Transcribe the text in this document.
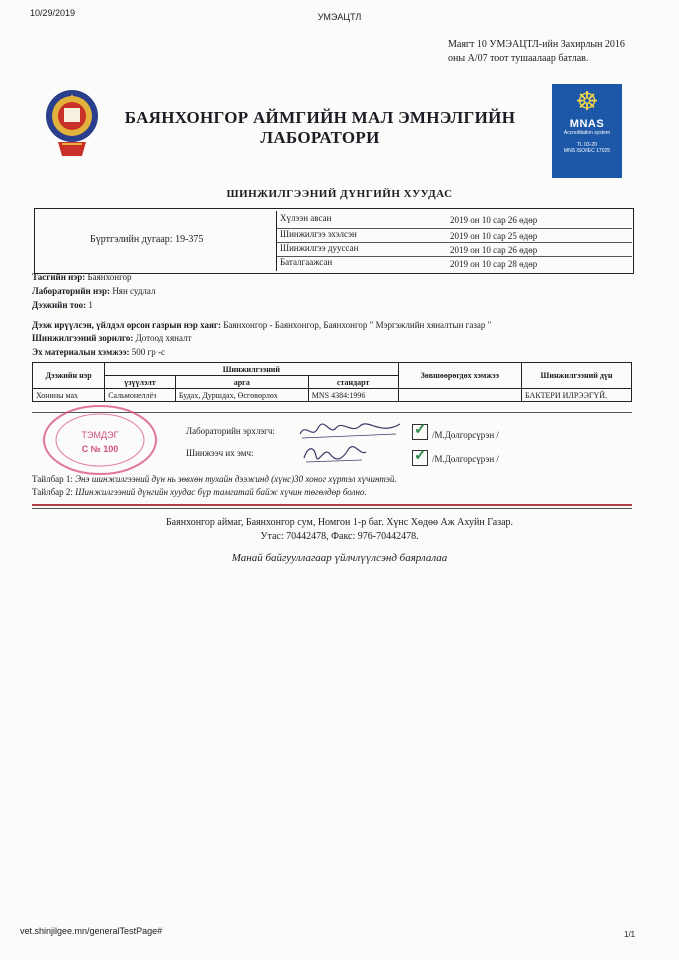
10/29/2019	УМЭАЦТЛ
Маягт 10 УМЭАЦТЛ-ийн Захирлын 2016
оны А/07 тоот тушаалаар батлав.
БАЯНХОНГОР АЙМГИЙН МАЛ ЭМНЭЛГИЙН
ЛАБОРАТОРИ
☸
MNAS
Accreditation system
TL 03-20
MNS ISO/IEC 17025
ШИНЖИЛГЭЭНИЙ ДҮНГИЙН ХУУДАС
Бүртгэлийн дугаар: 19-375
Хүлээн авсан	2019 он 10 сар 26 өдөр
Шинжилгээ эхэлсэн	2019 он 10 сар 25 өдөр
Шинжилгээ дууссан	2019 он 10 сар 26 өдөр
Баталгаажсан	2019 он 10 сар 28 өдөр
Тасгийн нэр: Баянхонгор
Лабораторийн нэр: Нян судлал
Дээжийн тоо: 1
Дээж ирүүлсэн, үйлдэл орсон газрын нэр хаяг: Баянхонгор - Баянхонгор, Баянхонгор " Мэргэжлийн хяналтын газар "
Шинжилгээний зорилго: Дотоод хяналт
Эх материалын хэмжээ: 500 гр -с
Дээжийн нэр	Шинжилгээний			Зөвшөөрөгдөх хэмжээ	Шинжилгээний дүн
	үзүүлэлт	арга	стандарт		
Хонины мах	Сальмонеллёз	Будах, Дуршдах, Өсгөвөрлөх	MNS 4384:1996		БАКТЕРИ ИЛРЭЭГҮЙ.
ТЭМДЭГ
С № 100
Лабораторийн эрхлэгч: ✓	/М.Долгорсүрэн /
Шинжээч их эмч:
✓
/М.Долгорсүрэн /
Тайлбар 1: Энэ шинжилгээний дүн нь зөвхөн тухайн дээжинд (хүнс)30 хоног хүртэл хүчинтэй.
Тайлбар 2: Шинжилгээний дүнгийн хуудас бүр тамгатай байж хүчин төгөлдөр болно.
Баянхонгор аймаг, Баянхонгор сум, Номгон 1-р баг. Хүнс Хөдөө Аж Ахуйн Газар.
Утас: 70442478, Факс: 976-70442478.
Манай байгууллагаар үйлчлүүлсэнд баярлалаа
vet.shinjilgee.mn/generalTestPage#	1/1
